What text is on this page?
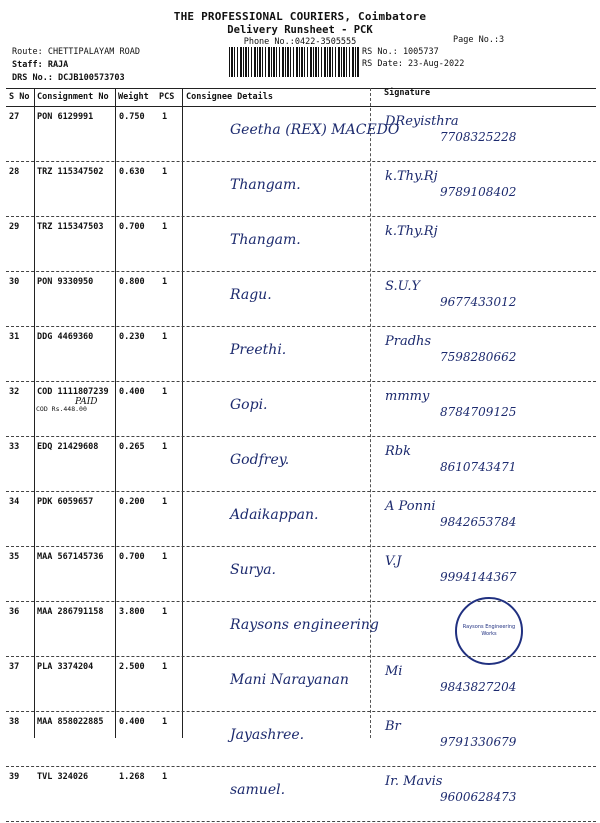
THE PROFESSIONAL COURIERS, Coimbatore
Delivery Runsheet - PCK
Phone No.:0422-3505555	Page No.:3
Route: CHETTIPALAYAM ROAD
Staff: RAJA
DRS No.: DCJB100573703
RS No.: 1005737
RS Date: 23-Aug-2022
S No Consignment No Weight PCS Consignee Details	Signature
27 PON 6129991	0.750 1
Geetha (REX) MACEDO
DReyisthra
7708325228
28 TRZ 115347502 0.630 1
Thangam.
k.Thy.Rj
9789108402
29 TRZ 115347503 0.700 1
Thangam.
k.Thy.Rj
30 PON 9330950	0.800 1
Ragu.
S.U.Y
9677433012
31 DDG 4469360	0.230 1
Preethi.
Pradhs
7598280662
32 COD 1111807239 0.400 1
Gopi.
PAID
COD Rs.448.00
mmmy
8784709125
33 EDQ 21429608 0.265 1
Godfrey.
Rbk
8610743471
34 PDK 6059657	0.200 1
Adaikappan.
A Ponni
9842653784
35 MAA 567145736 0.700 1
Surya.
V.J
9994144367
36 MAA 286791158 3.800 1
Raysons engineering	Raysons Engineering Works
37 PLA 3374204	2.500 1
Mani Narayanan
Mi
9843827204
38 MAA 858022885 0.400 1
Jayashree.
Br
9791330679
39 TVL 324026	1.268 1
samuel.
Ir. Mavis
9600628473
